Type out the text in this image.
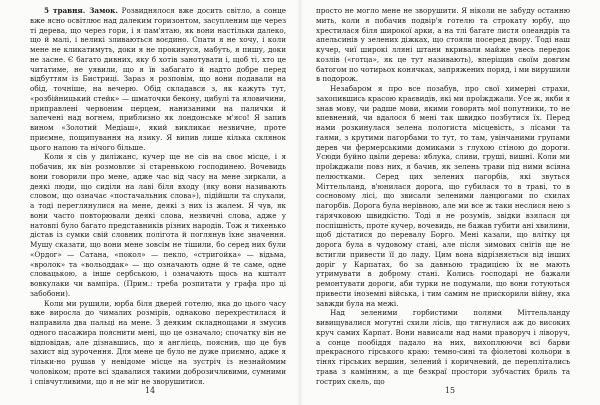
5 травня. Замок. Розвиднялося вже досить світло, а сонце вже ясно освітлює над далеким горизонтом, засупленим ще через ті дерева, що через гори, і я пам'ятаю, як вони настільки далеко, що й малі, і великі зливаються воєдино. Спати я не хочу, і коли мене не кликатимуть, доки я не прокинуся, мабуть, я пишу, доки не засне. Є багато дивних, яку б хотів занотувати і, щоб ті, хто це читатиме, не уявили, що я їв забагато й надто добре перед відбуттям із Бистриці. Зараз я розповім, що вони подавали на обід, точніше, на вечерю. Обід складався з, як кажуть тут, «розбійницький стейк» — шматочки бекону, цибулі та яловичини, приправлені червоним перцем, нанизаними на палички й запечені над вогнем, приблизно як лондонське м'ясо! Я запив вином «Золотий Медіаш», який викликає незвичне, проте приємне, пощипування на язику. Я випив лише кілька склянок цього напою та нічого більше.

Коли я сів у диліжанс, кучер ще не сів на своє місце, і я побачив, як він розмовляє зі старенькою господинею. Вочевидь вони говорили про мене, адже час від часу на мене зиркали, а деякі люди, що сиділи на лаві біля входу (яку вони називають словом, що означає «постачальник слова»), підійшли та слухали, а тоді переглянулися на мене, деякі з них із жалем. Я чув, як вони часто повторювали деякі слова, незвичні слова, адже у натовпі було багато представників різних народів. Тож я тихенько дістав із сумки свій словник полігота й поглянув їхнє значення. Мушу сказати, що вони мене зовсім не тішили, бо серед них були «Ордог» — Сатана, «покол» — пекло, «стригойка» — відьма, «вролок» та «вольоддак» — що означають одне й те саме, одне словацькою, а інше сербською, і означають щось на кшталт вовкулаки чи вампіра. (Прим.: треба розпитати у графа про ці забобони).

Коли ми рушили, юрба біля дверей готелю, яка до цього часу вже виросла до чималих розмірів, однаково перехрестилася й направила два пальці на мене. З деяким складнощами я змусив одного пасажира пояснити мені, що це означало; спочатку він не відповідав, але дізнавшись, що я англієць, пояснив, що це був захист від зурочення. Для мене це було не дуже приємно, адже я тільки-но рушав у невідоме місце на зустріч із незнайомим чоловіком; проте всі здавалися такими доброзичливими, сумними і співчутливими, що я не міг не зворушитися.

14

просто не могло мене не зворушити. Я ніколи не забуду останню мить, коли я побачив подвір'я готелю та строкату юрбу, що хрестилася біля широкої арки, а на тлі багате листя олеандрів та апельсинів у зелених діжках, що стояли посеред двору. Тоді наш кучер, чиї широкі лляні штани вкривали майже увесь передок козлів («готца», як це тут називають), вперіщив своїм довгим батогом по чотирьох конячках, запряжених поряд, і ми вирушили в подорож.

Незабаром я про все позабув, про свої химерні страхи, захопившись красою краєвидів, які ми проїжджали. Усе ж, якби я знав мову, чи радше мови, якими говорять мої попутники, то не впевнений, чи вдалося б мені так швидко позбутися їх. Перед нами розкинулася зелена пологиста місцевість, з лісами та гаями, з крутими пагорбами то тут, то там, увінчаними групами дерев чи фермерськими домиками з глухою стіною до дороги. Усюди буйно цвіли дерева: яблука, сливи, груші, вишні. Коли ми проїжджали повз них, я бачив, як зелень трави під ними всіяна пелюстками. Серед цих зелених пагорбів, які звуться Міттельланд, в'юнилася дорога, що губилася то в траві, то в сосновому лісі, що звисали зеленими ланцюгами по схилах пагорбів. Дорога була нерівною, але ми все ж таки неслися нею з гарячковою швидкістю. Тоді я не розумів, звідки взялася ця поспішність, проте кучер, вочевидь, не бажав губити ані хвилини, щоб дістатися до перевалу Борго. Мені казали, що влітку ця дорога була в чудовому стані, але після зимових снігів ще не встигли привести її до ладу. Цим вона відрізняється від інших доріг у Карпатах, бо за давньою традицією їх не мають утримувати в доброму стані. Колись господарі не бажали ремонтувати дороги, аби турки не подумали, що вони готуються привести іноземні війська, і тим самим не прискорили війну, яка завжди була на межі.

Над зеленими горбистими полями Міттельланду вивищувалися могутні схили лісів, що тягнулися аж до високих круч самих Карпат. Вони нависали над нами праворуч і ліворуч, а сонце пообіддя падало на них, вихоплюючи всі барви прекрасного гірського краю: темно-сині та фіолетові кольори в тінях гірських вершин, зелений і коричневий, де переплітались трава з камінням, а ще безкраї простори зубчастих бриль та гострих скель, що

15
